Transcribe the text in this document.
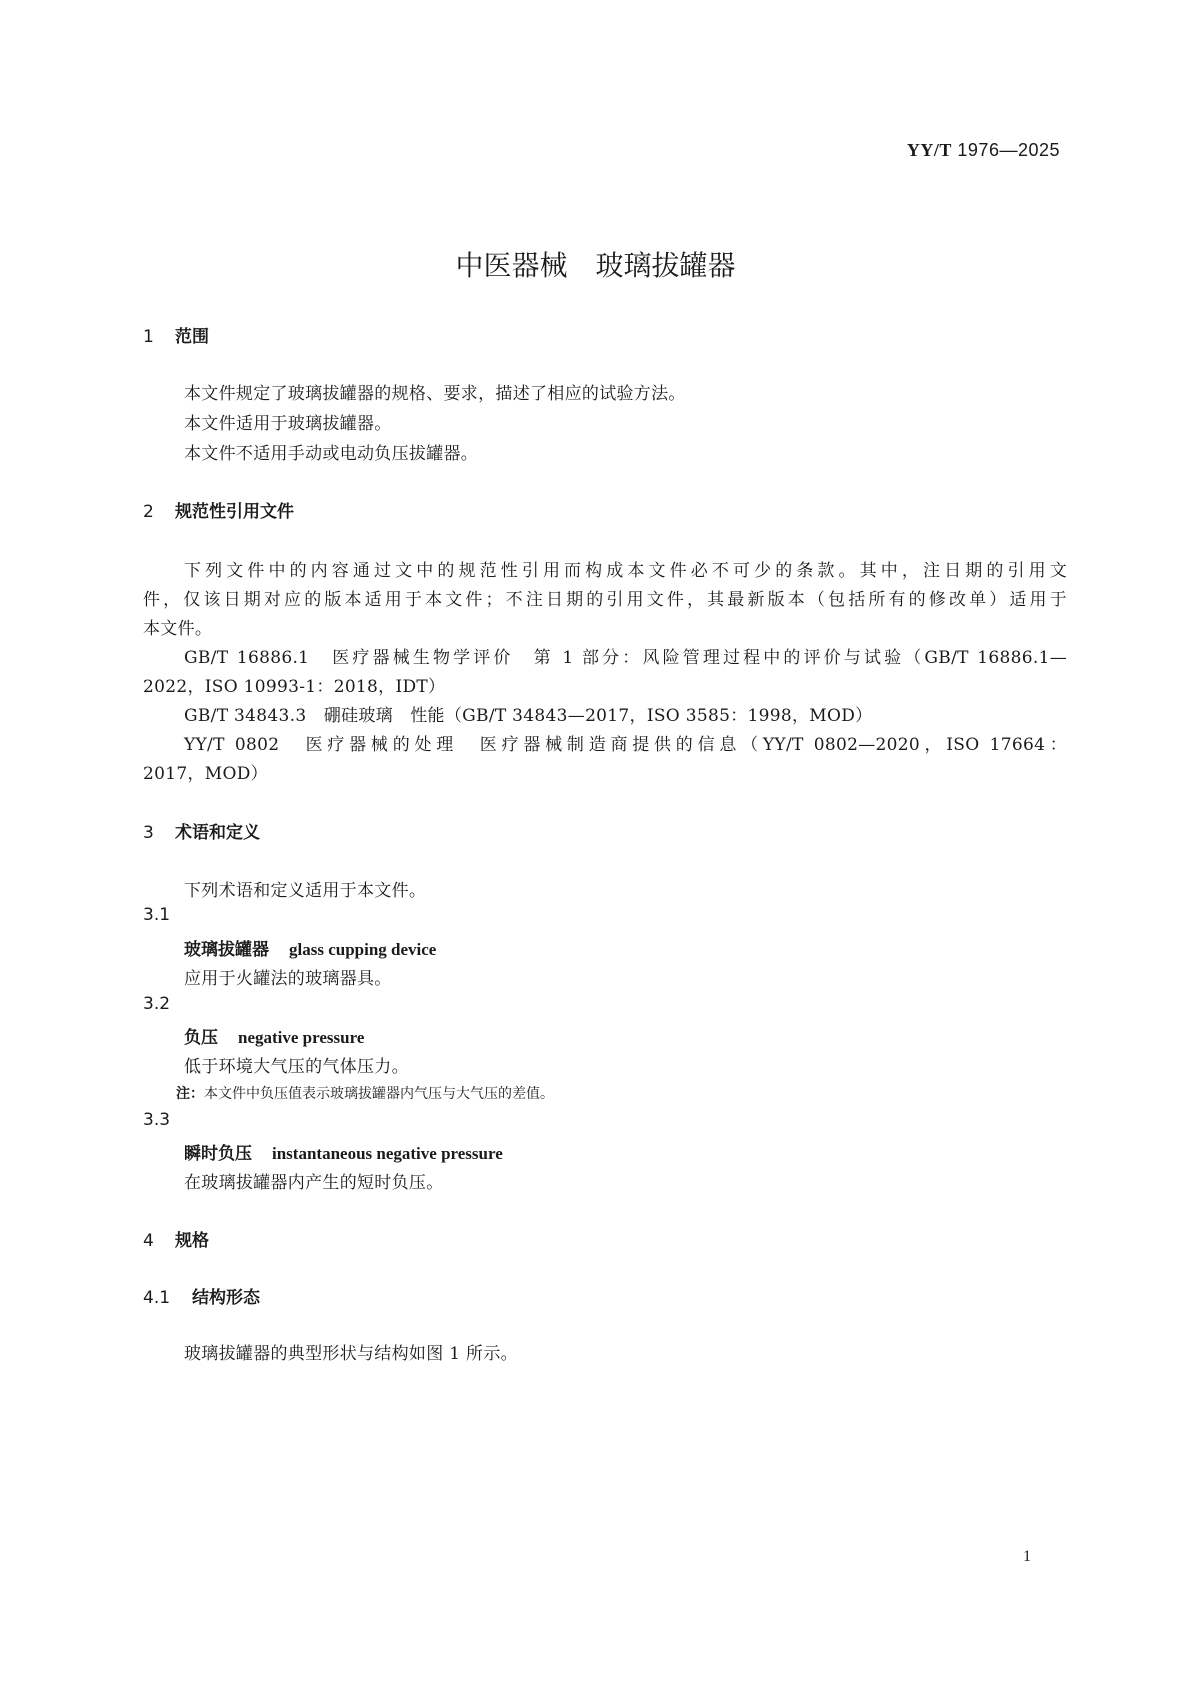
YY/T 1976—2025
中医器械　玻璃拔罐器
1 范围
本文件规定了玻璃拔罐器的规格、要求，描述了相应的试验方法。
本文件适用于玻璃拔罐器。
本文件不适用手动或电动负压拔罐器。
2 规范性引用文件
下列文件中的内容通过文中的规范性引用而构成本文件必不可少的条款。其中，注日期的引用文
件，仅该日期对应的版本适用于本文件；不注日期的引用文件，其最新版本（包括所有的修改单）适用于
本文件。
GB/T 16886.1　医疗器械生物学评价　第 1 部分：风险管理过程中的评价与试验（GB/T 16886.1—
2022，ISO 10993-1：2018，IDT）
GB/T 34843.3　硼硅玻璃　性能（GB/T 34843—2017，ISO 3585：1998，MOD）
YY/T 0802　医疗器械的处理　医疗器械制造商提供的信息（YY/T 0802—2020，ISO 17664：
2017，MOD）
3 术语和定义
下列术语和定义适用于本文件。
3.1
玻璃拔罐器 glass cupping device
应用于火罐法的玻璃器具。
3.2
负压 negative pressure
低于环境大气压的气体压力。
注：本文件中负压值表示玻璃拔罐器内气压与大气压的差值。
3.3
瞬时负压 instantaneous negative pressure
在玻璃拔罐器内产生的短时负压。
4 规格
4.1 结构形态
玻璃拔罐器的典型形状与结构如图 1 所示。
1
